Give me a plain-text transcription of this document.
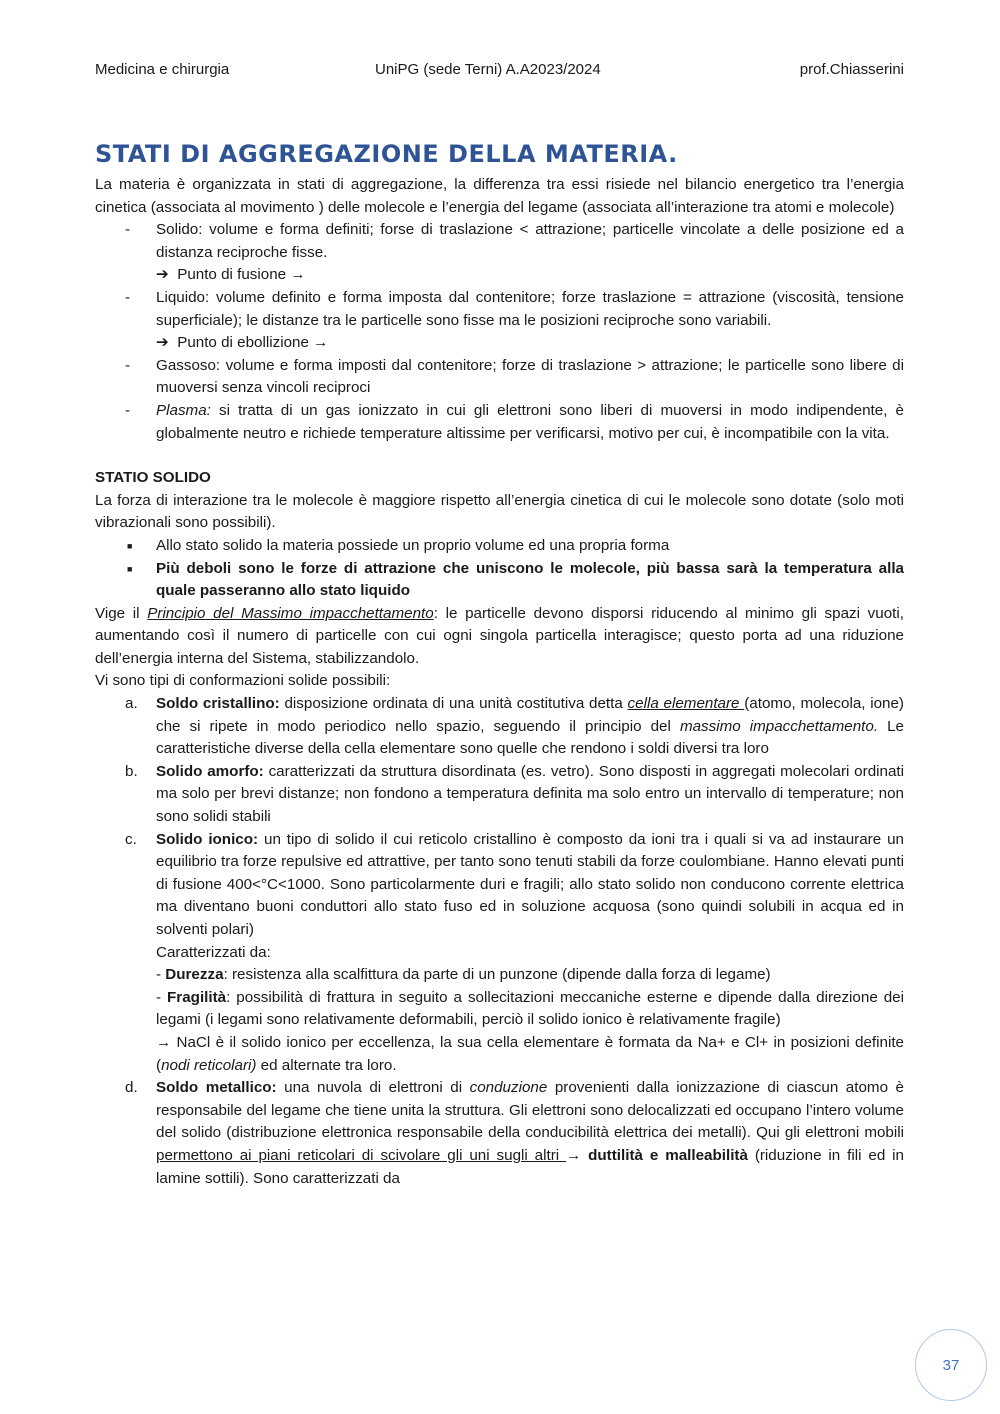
Medicina e chirurgia	UniPG (sede Terni) A.A2023/2024	prof.Chiasserini
STATI DI AGGREGAZIONE DELLA MATERIA.

La materia è organizzata in stati di aggregazione, la differenza tra essi risiede nel bilancio energetico tra l’energia cinetica (associata al movimento ) delle molecole e l’energia del legame (associata all’interazione tra atomi e molecole)

- Solido: volume e forma definiti; forse di traslazione < attrazione; particelle vincolate a delle posizione ed a distanza reciproche fisse.
➔ Punto di fusione →
- Liquido: volume definito e forma imposta dal contenitore; forze traslazione = attrazione (viscosità, tensione superficiale); le distanze tra le particelle sono fisse ma le posizioni reciproche sono variabili.
➔ Punto di ebollizione →
- Gassoso: volume e forma imposti dal contenitore; forze di traslazione > attrazione; le particelle sono libere di muoversi senza vincoli reciproci
- Plasma: si tratta di un gas ionizzato in cui gli elettroni sono liberi di muoversi in modo indipendente, è globalmente neutro e richiede temperature altissime per verificarsi, motivo per cui, è incompatibile con la vita.

STATIO SOLIDO

La forza di interazione tra le molecole è maggiore rispetto all’energia cinetica di cui le molecole sono dotate (solo moti vibrazionali sono possibili).

■ Allo stato solido la materia possiede un proprio volume ed una propria forma
■ Più deboli sono le forze di attrazione che uniscono le molecole, più bassa sarà la temperatura alla quale passeranno allo stato liquido

Vige il Principio del Massimo impacchettamento: le particelle devono disporsi riducendo al minimo gli spazi vuoti, aumentando così il numero di particelle con cui ogni singola particella interagisce; questo porta ad una riduzione dell’energia interna del Sistema, stabilizzandolo.

Vi sono tipi di conformazioni solide possibili:

a. Soldo cristallino: disposizione ordinata di una unità costitutiva detta cella elementare (atomo, molecola, ione) che si ripete in modo periodico nello spazio, seguendo il principio del massimo impacchettamento. Le caratteristiche diverse della cella elementare sono quelle che rendono i soldi diversi tra loro
b. Solido amorfo: caratterizzati da struttura disordinata (es. vetro). Sono disposti in aggregati molecolari ordinati ma solo per brevi distanze; non fondono a temperatura definita ma solo entro un intervallo di temperature; non sono solidi stabili
c. Solido ionico: un tipo di solido il cui reticolo cristallino è composto da ioni tra i quali si va ad instaurare un equilibrio tra forze repulsive ed attrattive, per tanto sono tenuti stabili da forze coulombiane. Hanno elevati punti di fusione 400<°C<1000. Sono particolarmente duri e fragili; allo stato solido non conducono corrente elettrica ma diventano buoni conduttori allo stato fuso ed in soluzione acquosa (sono quindi solubili in acqua ed in solventi polari)
Caratterizzati da:
- Durezza: resistenza alla scalfittura da parte di un punzone (dipende dalla forza di legame)
- Fragilità: possibilità di frattura in seguito a sollecitazioni meccaniche esterne e dipende dalla direzione dei legami (i legami sono relativamente deformabili, perciò il solido ionico è relativamente fragile)
→ NaCl è il solido ionico per eccellenza, la sua cella elementare è formata da Na+ e Cl+ in posizioni definite (nodi reticolari) ed alternate tra loro.
d. Soldo metallico: una nuvola di elettroni di conduzione provenienti dalla ionizzazione di ciascun atomo è responsabile del legame che tiene unita la struttura. Gli elettroni sono delocalizzati ed occupano l’intero volume del solido (distribuzione elettronica responsabile della conducibilità elettrica dei metalli). Qui gli elettroni mobili permettono ai piani reticolari di scivolare gli uni sugli altri → duttilità e malleabilità (riduzione in fili ed in lamine sottili). Sono caratterizzati da
37
